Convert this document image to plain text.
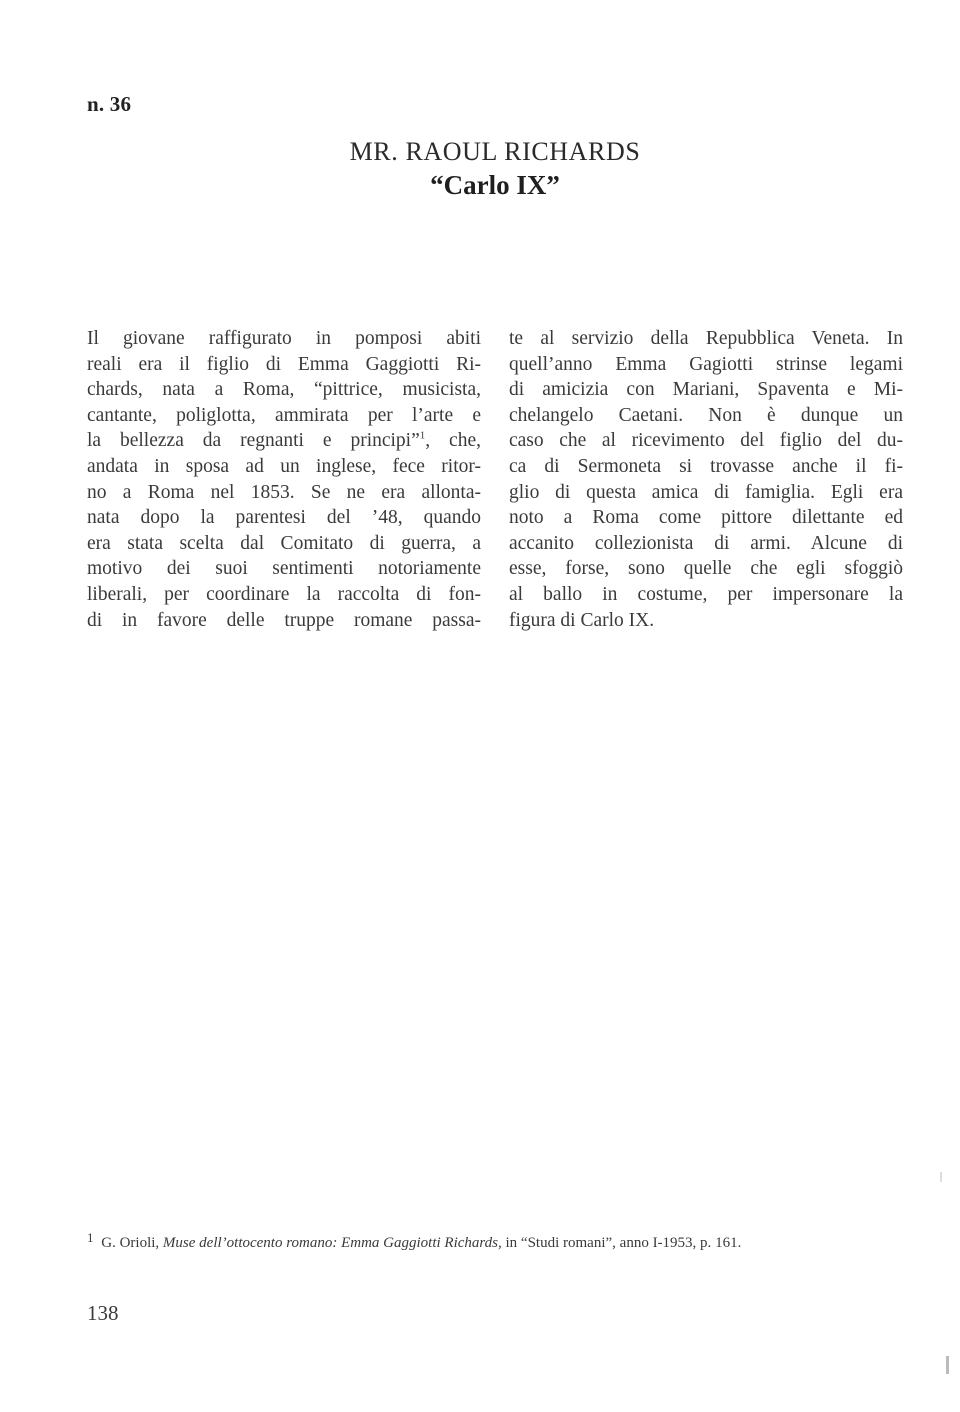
n. 36
MR. RAOUL RICHARDS
“Carlo IX”
Il giovane raffigurato in pomposi abiti
reali era il figlio di Emma Gaggiotti Ri-
chards, nata a Roma, “pittrice, musicista,
cantante, poliglotta, ammirata per l’arte e
la bellezza da regnanti e principi”$^1$, che,
andata in sposa ad un inglese, fece ritor-
no a Roma nel 1853. Se ne era allonta-
nata dopo la parentesi del ’48, quando
era stata scelta dal Comitato di guerra, a
motivo dei suoi sentimenti notoriamente
liberali, per coordinare la raccolta di fon-
di in favore delle truppe romane passa-
te al servizio della Repubblica Veneta. In
quell’anno Emma Gagiotti strinse legami
di amicizia con Mariani, Spaventa e Mi-
chelangelo Caetani. Non è dunque un
caso che al ricevimento del figlio del du-
ca di Sermoneta si trovasse anche il fi-
glio di questa amica di famiglia. Egli era
noto a Roma come pittore dilettante ed
accanito collezionista di armi. Alcune di
esse, forse, sono quelle che egli sfoggiò
al ballo in costume, per impersonare la
figura di Carlo IX.
1 G. Orioli, Muse dell’ottocento romano: Emma Gaggiotti Richards, in “Studi romani”, anno I-1953, p. 161.
138
